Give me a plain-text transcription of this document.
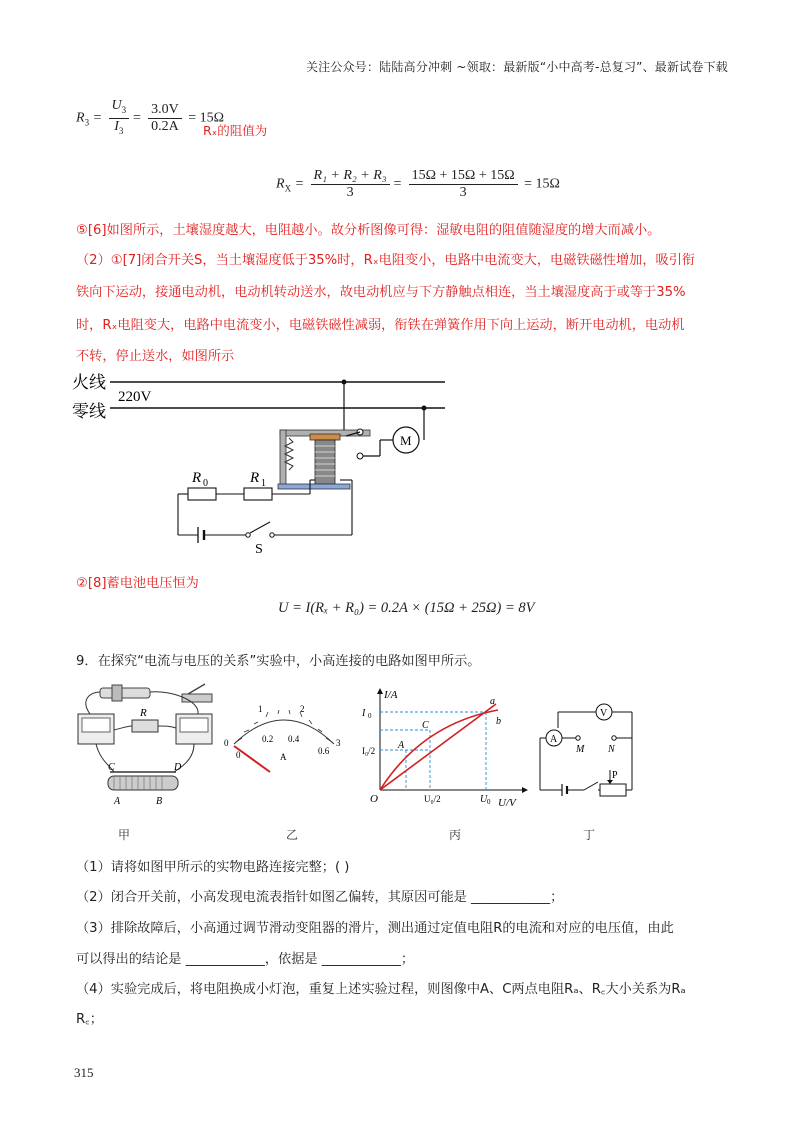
关注公众号：陆陆高分冲刺 ~领取：最新版“小中高考-总复习”、最新试卷下载
$R_3 = \frac{U_3}{I_3} = \frac{3.0V}{0.2A} = 15\Omega$
Rₓ的阻值为
$R_X = \frac{\text{R₁ + R₂ + R₃}}{3} = \frac{15\Omega + 15\Omega + 15\Omega}{3} = 15\Omega$
⑤[6]如图所示，土壤湿度越大，电阻越小。故分析图像可得：湿敏电阻的阻值随湿度的增大而减小。
（2）①[7]闭合开关S，当土壤湿度低于35%时，Rₓ电阻变小，电路中电流变大，电磁铁磁性增加，吸引衔
铁向下运动，接通电动机，电动机转动送水，故电动机应与下方静触点相连，当土壤湿度高于或等于35%
时，Rₓ电阻变大，电路中电流变小，电磁铁磁性减弱，衔铁在弹簧作用下向上运动，断开电动机，电动机
不转，停止送水，如图所示
火线
零线
220V
M
R 0	R 1
S
②[8]蓄电池电压恒为
U = I(Rₓ + R₀) = 0.2A × (15Ω + 25Ω) = 8V
9．在探究“电流与电压的关系”实验中，小高连接的电路如图甲所示。
R
C	D
A	B
0
1	2
3
0.2 0.4
0.6
0	A
I/A
U/V
O
I 0
I₀/2
U₀/2	U 0
A
C
a
b
V
A
M N
P
甲	乙	丙	丁
（1）请将如图甲所示的实物电路连接完整；( )
（2）闭合开关前，小高发现电流表指针如图乙偏转，其原因可能是 ____________；
（3）排除故障后，小高通过调节滑动变阻器的滑片，测出通过定值电阻R的电流和对应的电压值，由此
可以得出的结论是 ____________，依据是 ____________；
（4）实验完成后，将电阻换成小灯泡，重复上述实验过程，则图像中A、C两点电阻Rₐ、R꜀大小关系为Rₐ
R꜀；
315
